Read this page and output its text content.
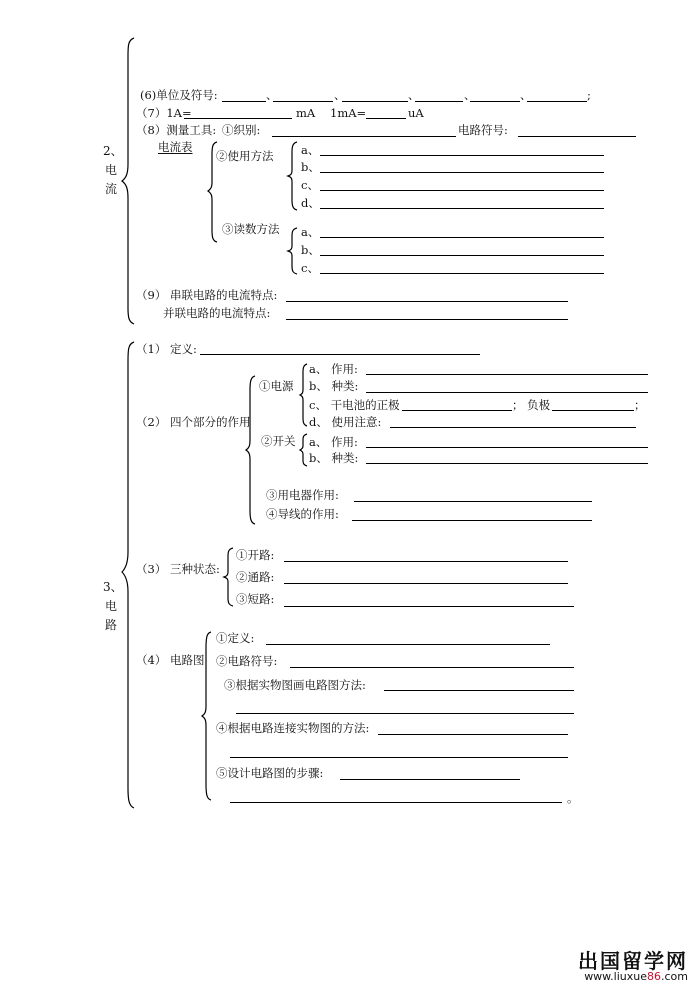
2、
电
流
(6)单位及符号:	、	、	、	、	、	;
（7）1A=	mA 1mA=	uA
（8）测量工具: ①织别:	电路符号:
电流表
②使用方法 a、
b、
c、
d、
③读数方法 a、
b、
c、
（9） 串联电路的电流特点:
并联电路的电流特点:
3、
电
路
（1） 定义:
（2） 四个部分的作用
①电源
a、 作用:
b、 种类:
c、 干电池的正极	； 负极	；
d、 使用注意:
②开关 a、 作用:
b、 种类:
③用电器作用:
④导线的作用:
（3） 三种状态:
①开路:
②通路:
③短路:
（4） 电路图
①定义:
②电路符号:
③根据实物图画电路图方法:
④根据电路连接实物图的方法:
⑤设计电路图的步骤:
。
出国留学网
www.liuxue86.com
